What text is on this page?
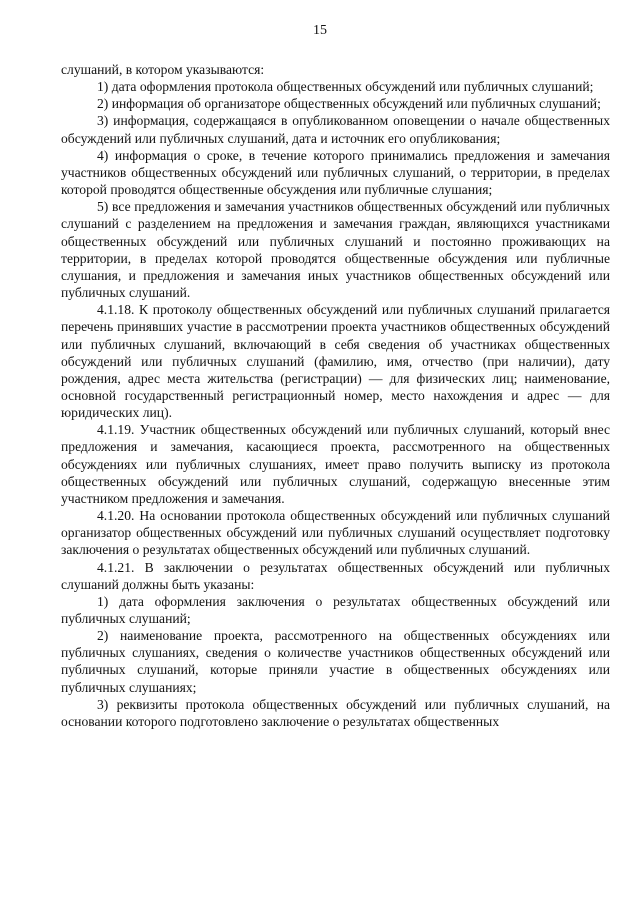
15

слушаний, в котором указываются:

1) дата оформления протокола общественных обсуждений или публичных слушаний;

2) информация об организаторе общественных обсуждений или публичных слушаний;

3) информация, содержащаяся в опубликованном оповещении о начале общественных обсуждений или публичных слушаний, дата и источник его опубликования;

4) информация о сроке, в течение которого принимались предложения и замечания участников общественных обсуждений или публичных слушаний, о территории, в пределах которой проводятся общественные обсуждения или публичные слушания;

5) все предложения и замечания участников общественных обсуждений или публичных слушаний с разделением на предложения и замечания граждан, являющихся участниками общественных обсуждений или публичных слушаний и постоянно проживающих на территории, в пределах которой проводятся общественные обсуждения или публичные слушания, и предложения и замечания иных участников общественных обсуждений или публичных слушаний.

4.1.18. К протоколу общественных обсуждений или публичных слушаний прилагается перечень принявших участие в рассмотрении проекта участников общественных обсуждений или публичных слушаний, включающий в себя сведения об участниках общественных обсуждений или публичных слушаний (фамилию, имя, отчество (при наличии), дату рождения, адрес места жительства (регистрации) — для физических лиц; наименование, основной государственный регистрационный номер, место нахождения и адрес — для юридических лиц).

4.1.19. Участник общественных обсуждений или публичных слушаний, который внес предложения и замечания, касающиеся проекта, рассмотренного на общественных обсуждениях или публичных слушаниях, имеет право получить выписку из протокола общественных обсуждений или публичных слушаний, содержащую внесенные этим участником предложения и замечания.

4.1.20. На основании протокола общественных обсуждений или публичных слушаний организатор общественных обсуждений или публичных слушаний осуществляет подготовку заключения о результатах общественных обсуждений или публичных слушаний.

4.1.21. В заключении о результатах общественных обсуждений или публичных слушаний должны быть указаны:

1) дата оформления заключения о результатах общественных обсуждений или публичных слушаний;

2) наименование проекта, рассмотренного на общественных обсуждениях или публичных слушаниях, сведения о количестве участников общественных обсуждений или публичных слушаний, которые приняли участие в общественных обсуждениях или публичных слушаниях;

3) реквизиты протокола общественных обсуждений или публичных слушаний, на основании которого подготовлено заключение о результатах общественных
